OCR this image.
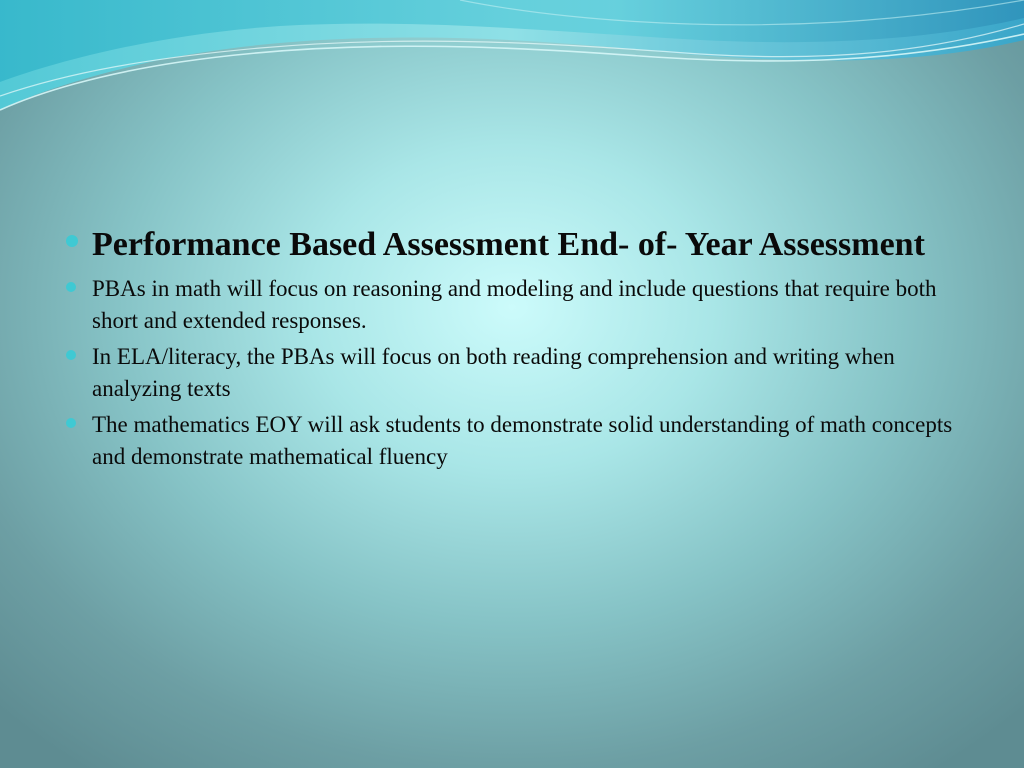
Performance Based Assessment End- of- Year Assessment
PBAs in math will focus on reasoning and modeling and include questions that require both short and extended responses.
In ELA/literacy, the PBAs will focus on both reading comprehension and writing when analyzing texts
The mathematics EOY will ask students to demonstrate solid understanding of math concepts and demonstrate mathematical fluency
